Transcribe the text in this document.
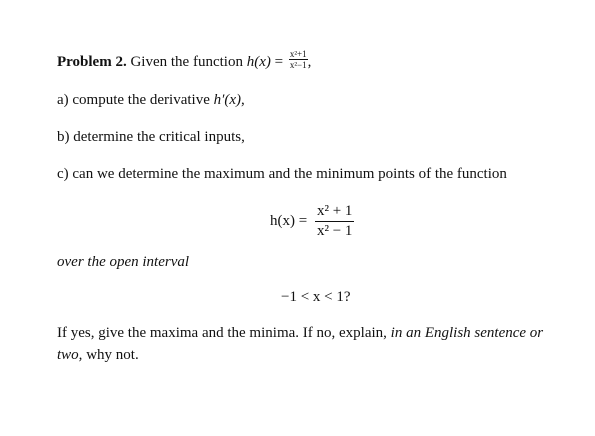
Problem 2. Given the function $h(x) = \frac{\text{x²+1}}{\text{x²−1}}$ ,
a) compute the derivative h′(x),
b) determine the critical inputs,
c) can we determine the maximum and the minimum points of the function
$h(x) = \frac{\text{x² + 1}}{\text{x² − 1}}$
over the open interval
−1 < x < 1?
If yes, give the maxima and the minima. If no, explain, in an English sentence or two, why not.
